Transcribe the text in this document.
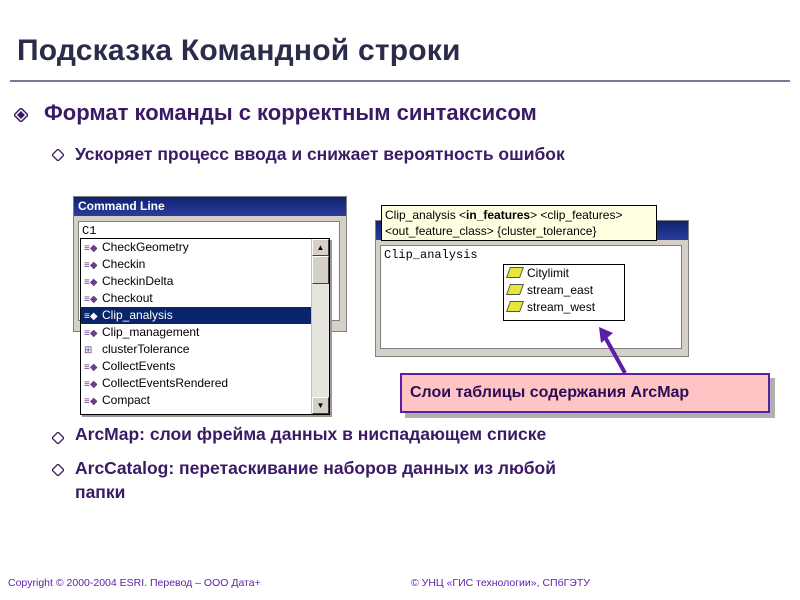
Подсказка Командной строки
Формат команды с корректным синтаксисом
Ускоряет процесс ввода и снижает вероятность ошибок
Command Line
C1
Clip_analysis
≡◆ CheckGeometry
≡◆ Checkin
≡◆ CheckinDelta
≡◆ Checkout
≡◆ Clip_analysis
≡◆ Clip_management
⊞ clusterTolerance
≡◆ CollectEvents
≡◆ CollectEventsRendered
≡◆ Compact
▲
▼
Clip_analysis <in_features> <clip_features>
<out_feature_class> {cluster_tolerance}
Citylimit
stream_east
stream_west
Слои таблицы содержания ArcMap
ArcMap: слои фрейма данных в ниспадающем списке
ArcCatalog: перетаскивание наборов данных из любой
папки
Copyright © 2000-2004 ESRI. Перевод – ООО Дата+	© УНЦ «ГИС технологии», СПбГЭТУ
